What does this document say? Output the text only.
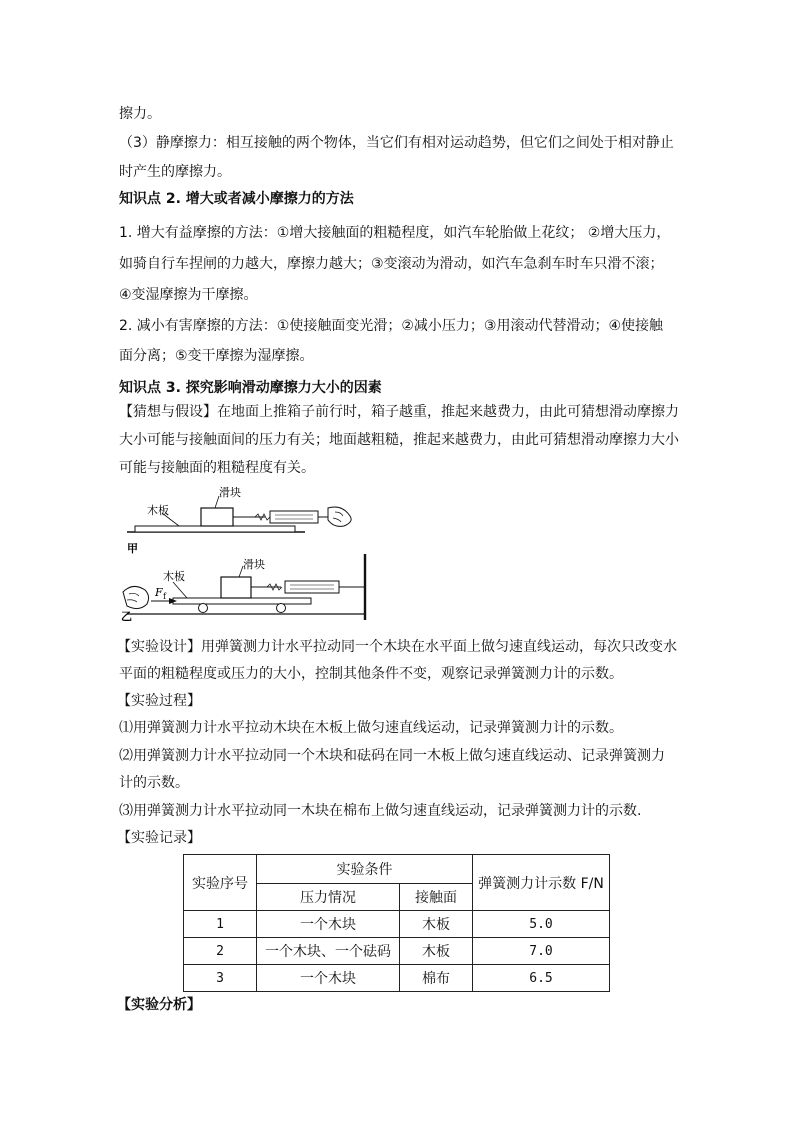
擦力。
（3）静摩擦力：相互接触的两个物体，当它们有相对运动趋势，但它们之间处于相对静止
时产生的摩擦力。
知识点 2. 增大或者减小摩擦力的方法
1. 增大有益摩擦的方法：①增大接触面的粗糙程度，如汽车轮胎做上花纹； ②增大压力，
如骑自行车捏闸的力越大，摩擦力越大；③变滚动为滑动，如汽车急刹车时车只滑不滚；
④变湿摩擦为干摩擦。
2. 减小有害摩擦的方法：①使接触面变光滑；②减小压力；③用滚动代替滑动；④使接触
面分离；⑤变干摩擦为湿摩擦。
知识点 3. 探究影响滑动摩擦力大小的因素
【猜想与假设】在地面上推箱子前行时，箱子越重，推起来越费力，由此可猜想滑动摩擦力
大小可能与接触面间的压力有关；地面越粗糙，推起来越费力，由此可猜想滑动摩擦力大小
可能与接触面的粗糙程度有关。
木板
滑块
甲
木板
滑块
F f
乙
【实验设计】用弹簧测力计水平拉动同一个木块在水平面上做匀速直线运动，每次只改变水
平面的粗糙程度或压力的大小，控制其他条件不变，观察记录弹簧测力计的示数。
【实验过程】
⑴用弹簧测力计水平拉动木块在木板上做匀速直线运动，记录弹簧测力计的示数。
⑵用弹簧测力计水平拉动同一个木块和砝码在同一木板上做匀速直线运动、记录弹簧测力
计的示数。
⑶用弹簧测力计水平拉动同一木块在棉布上做匀速直线运动，记录弹簧测力计的示数.
【实验记录】
实验序号	实验条件		弹簧测力计示数 F/N
	压力情况	接触面	
1	一个木块	木板	5.0
2	一个木块、一个砝码	木板	7.0
3	一个木块	棉布	6.5
【实验分析】
